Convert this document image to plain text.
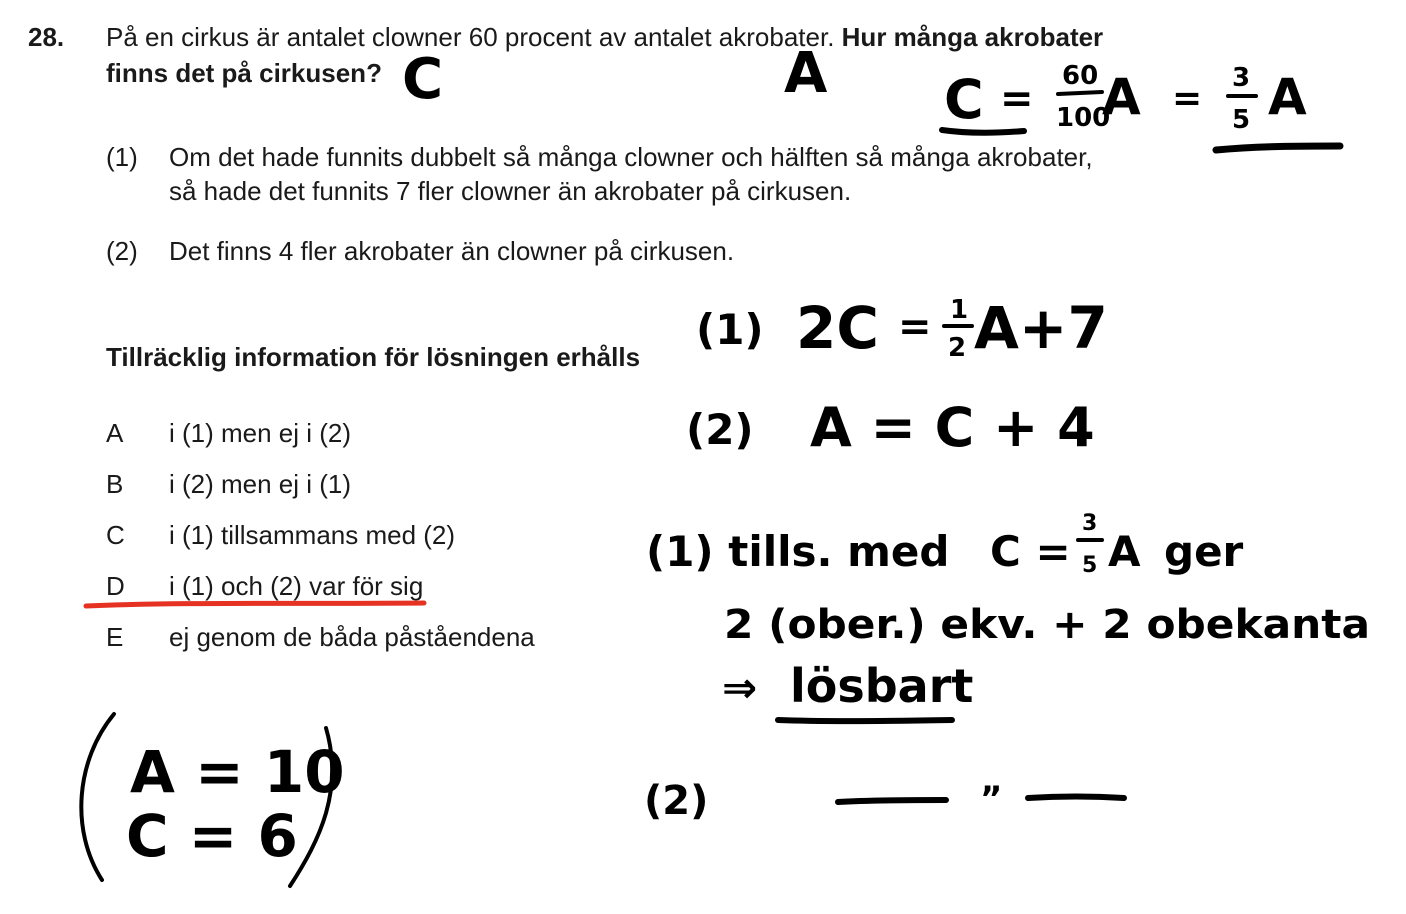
28. På en cirkus är antalet clowner 60 procent av antalet akrobater. Hur många akrobater
finns det på cirkusen?
(1) Om det hade funnits dubbelt så många clowner och hälften så många akrobater,
så hade det funnits 7 fler clowner än akrobater på cirkusen.
(2) Det finns 4 fler akrobater än clowner på cirkusen.
Tillräcklig information för lösningen erhålls
A i (1) men ej i (2)
B i (2) men ej i (1)
C i (1) tillsammans med (2)
D i (1) och (2) var för sig
E ej genom de båda påståendena
C	A C = 60
100
A = 3
5 A
(1) 2C = 1
2 A+7
(2) A = C + 4
(1) tills. med C =
3
5 A ger
2 (ober.) ekv. + 2 obekanta
⇒ lösbart
(2)	”
A = 10
C = 6
